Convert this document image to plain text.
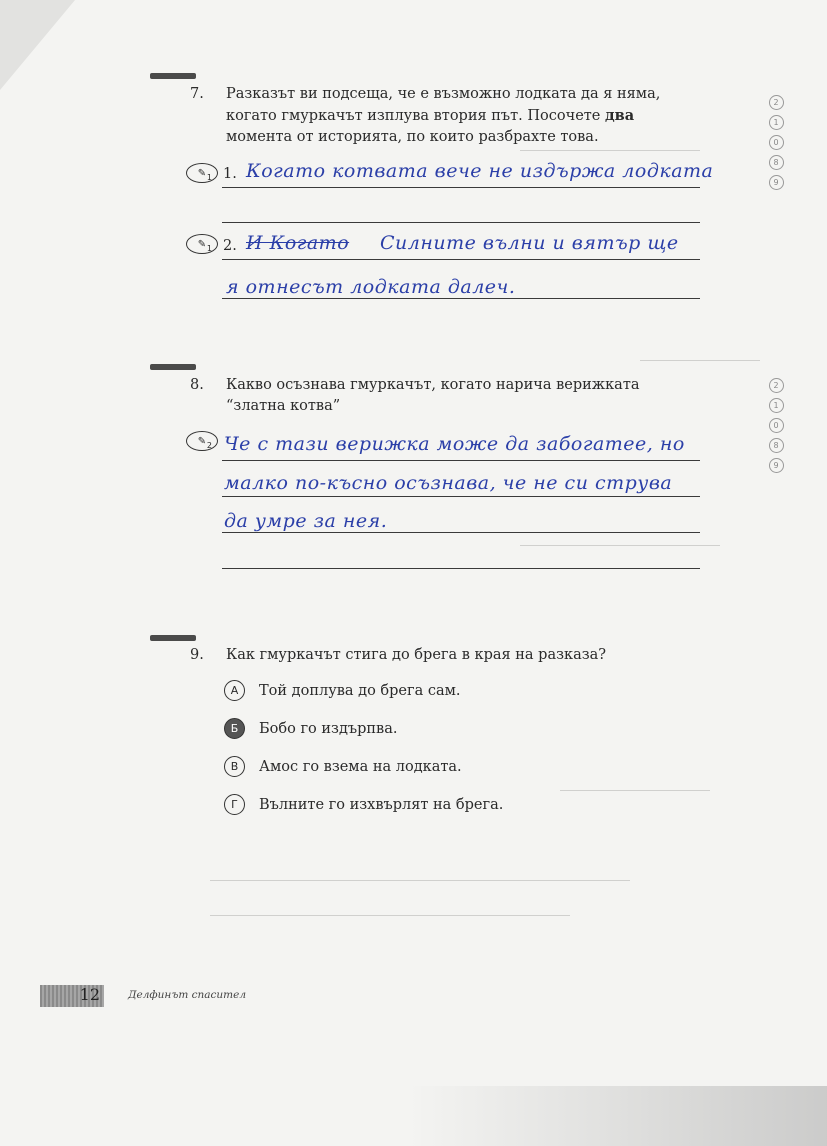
7. Разказът ви подсеща, че е възможно лодката да я няма,
когато гмуркачът изплува втория път. Посочете два
момента от историята, по които разбрахте това.
✎ 1 1. Когато котвата вече не издържа лодката
✎ 1 2. И Когато Силните вълни и вятър ще
я отнесът лодката далеч.
2
1
0
8
9
8. Какво осъзнава гмуркачът, когато нарича верижката
“златна котва”
✎ 2 Че с тази верижка може да забогатее, но
малко по-късно осъзнава, че не си струва
да умре за нея.
2
1
0
8
9
9. Как гмуркачът стига до брега в края на разказа?
А	Той доплува до брега сам.
Б	Бобо го издърпва.
В	Амос го взема на лодката.
Г	Вълните го изхвърлят на брега.
12	Делфинът спасител
